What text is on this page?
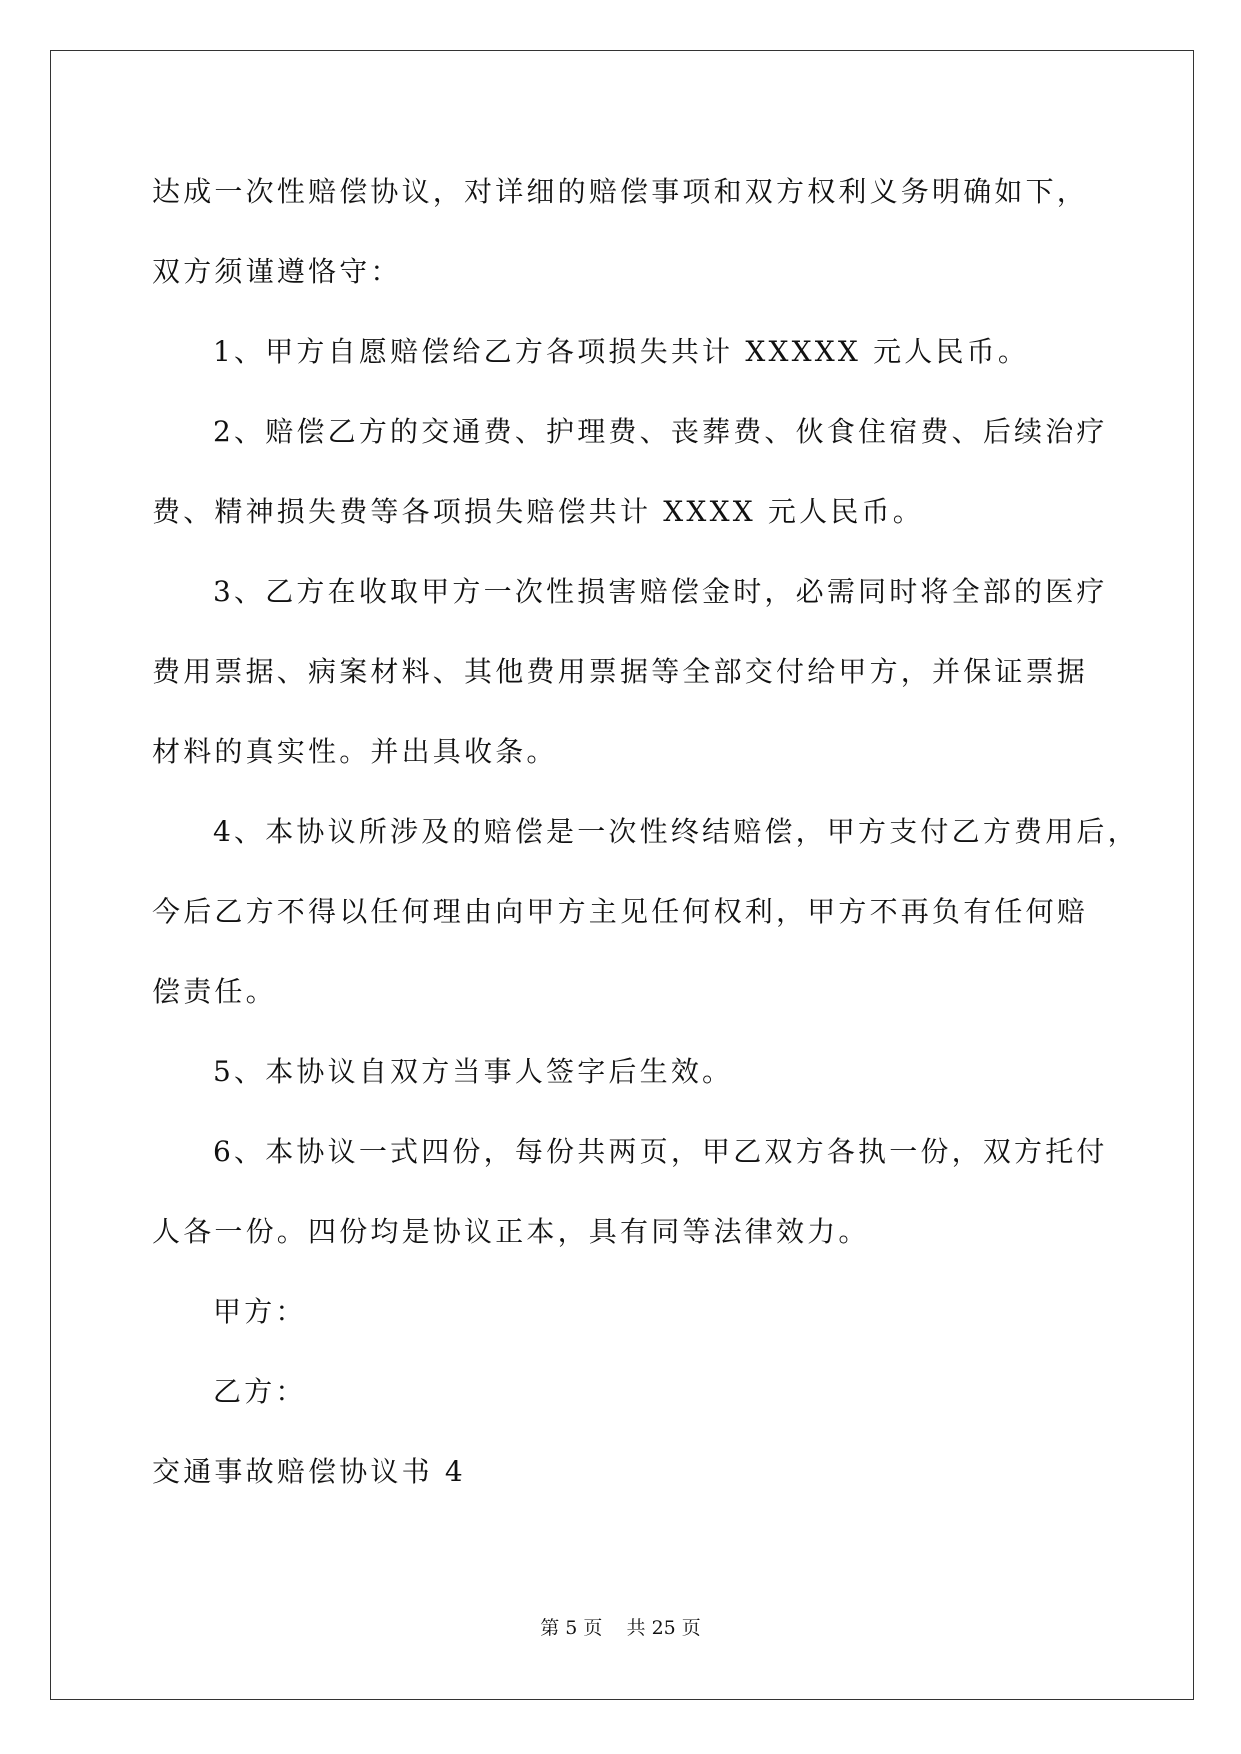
达成一次性赔偿协议，对详细的赔偿事项和双方权利义务明确如下，
双方须谨遵恪守：
1、甲方自愿赔偿给乙方各项损失共计 XXXXX 元人民币。
2、赔偿乙方的交通费、护理费、丧葬费、伙食住宿费、后续治疗
费、精神损失费等各项损失赔偿共计 XXXX 元人民币。
3、乙方在收取甲方一次性损害赔偿金时，必需同时将全部的医疗
费用票据、病案材料、其他费用票据等全部交付给甲方，并保证票据
材料的真实性。并出具收条。
4、本协议所涉及的赔偿是一次性终结赔偿，甲方支付乙方费用后，
今后乙方不得以任何理由向甲方主见任何权利，甲方不再负有任何赔
偿责任。
5、本协议自双方当事人签字后生效。
6、本协议一式四份，每份共两页，甲乙双方各执一份，双方托付
人各一份。四份均是协议正本，具有同等法律效力。
甲方：
乙方：
交通事故赔偿协议书 4
第 5 页    共 25 页
